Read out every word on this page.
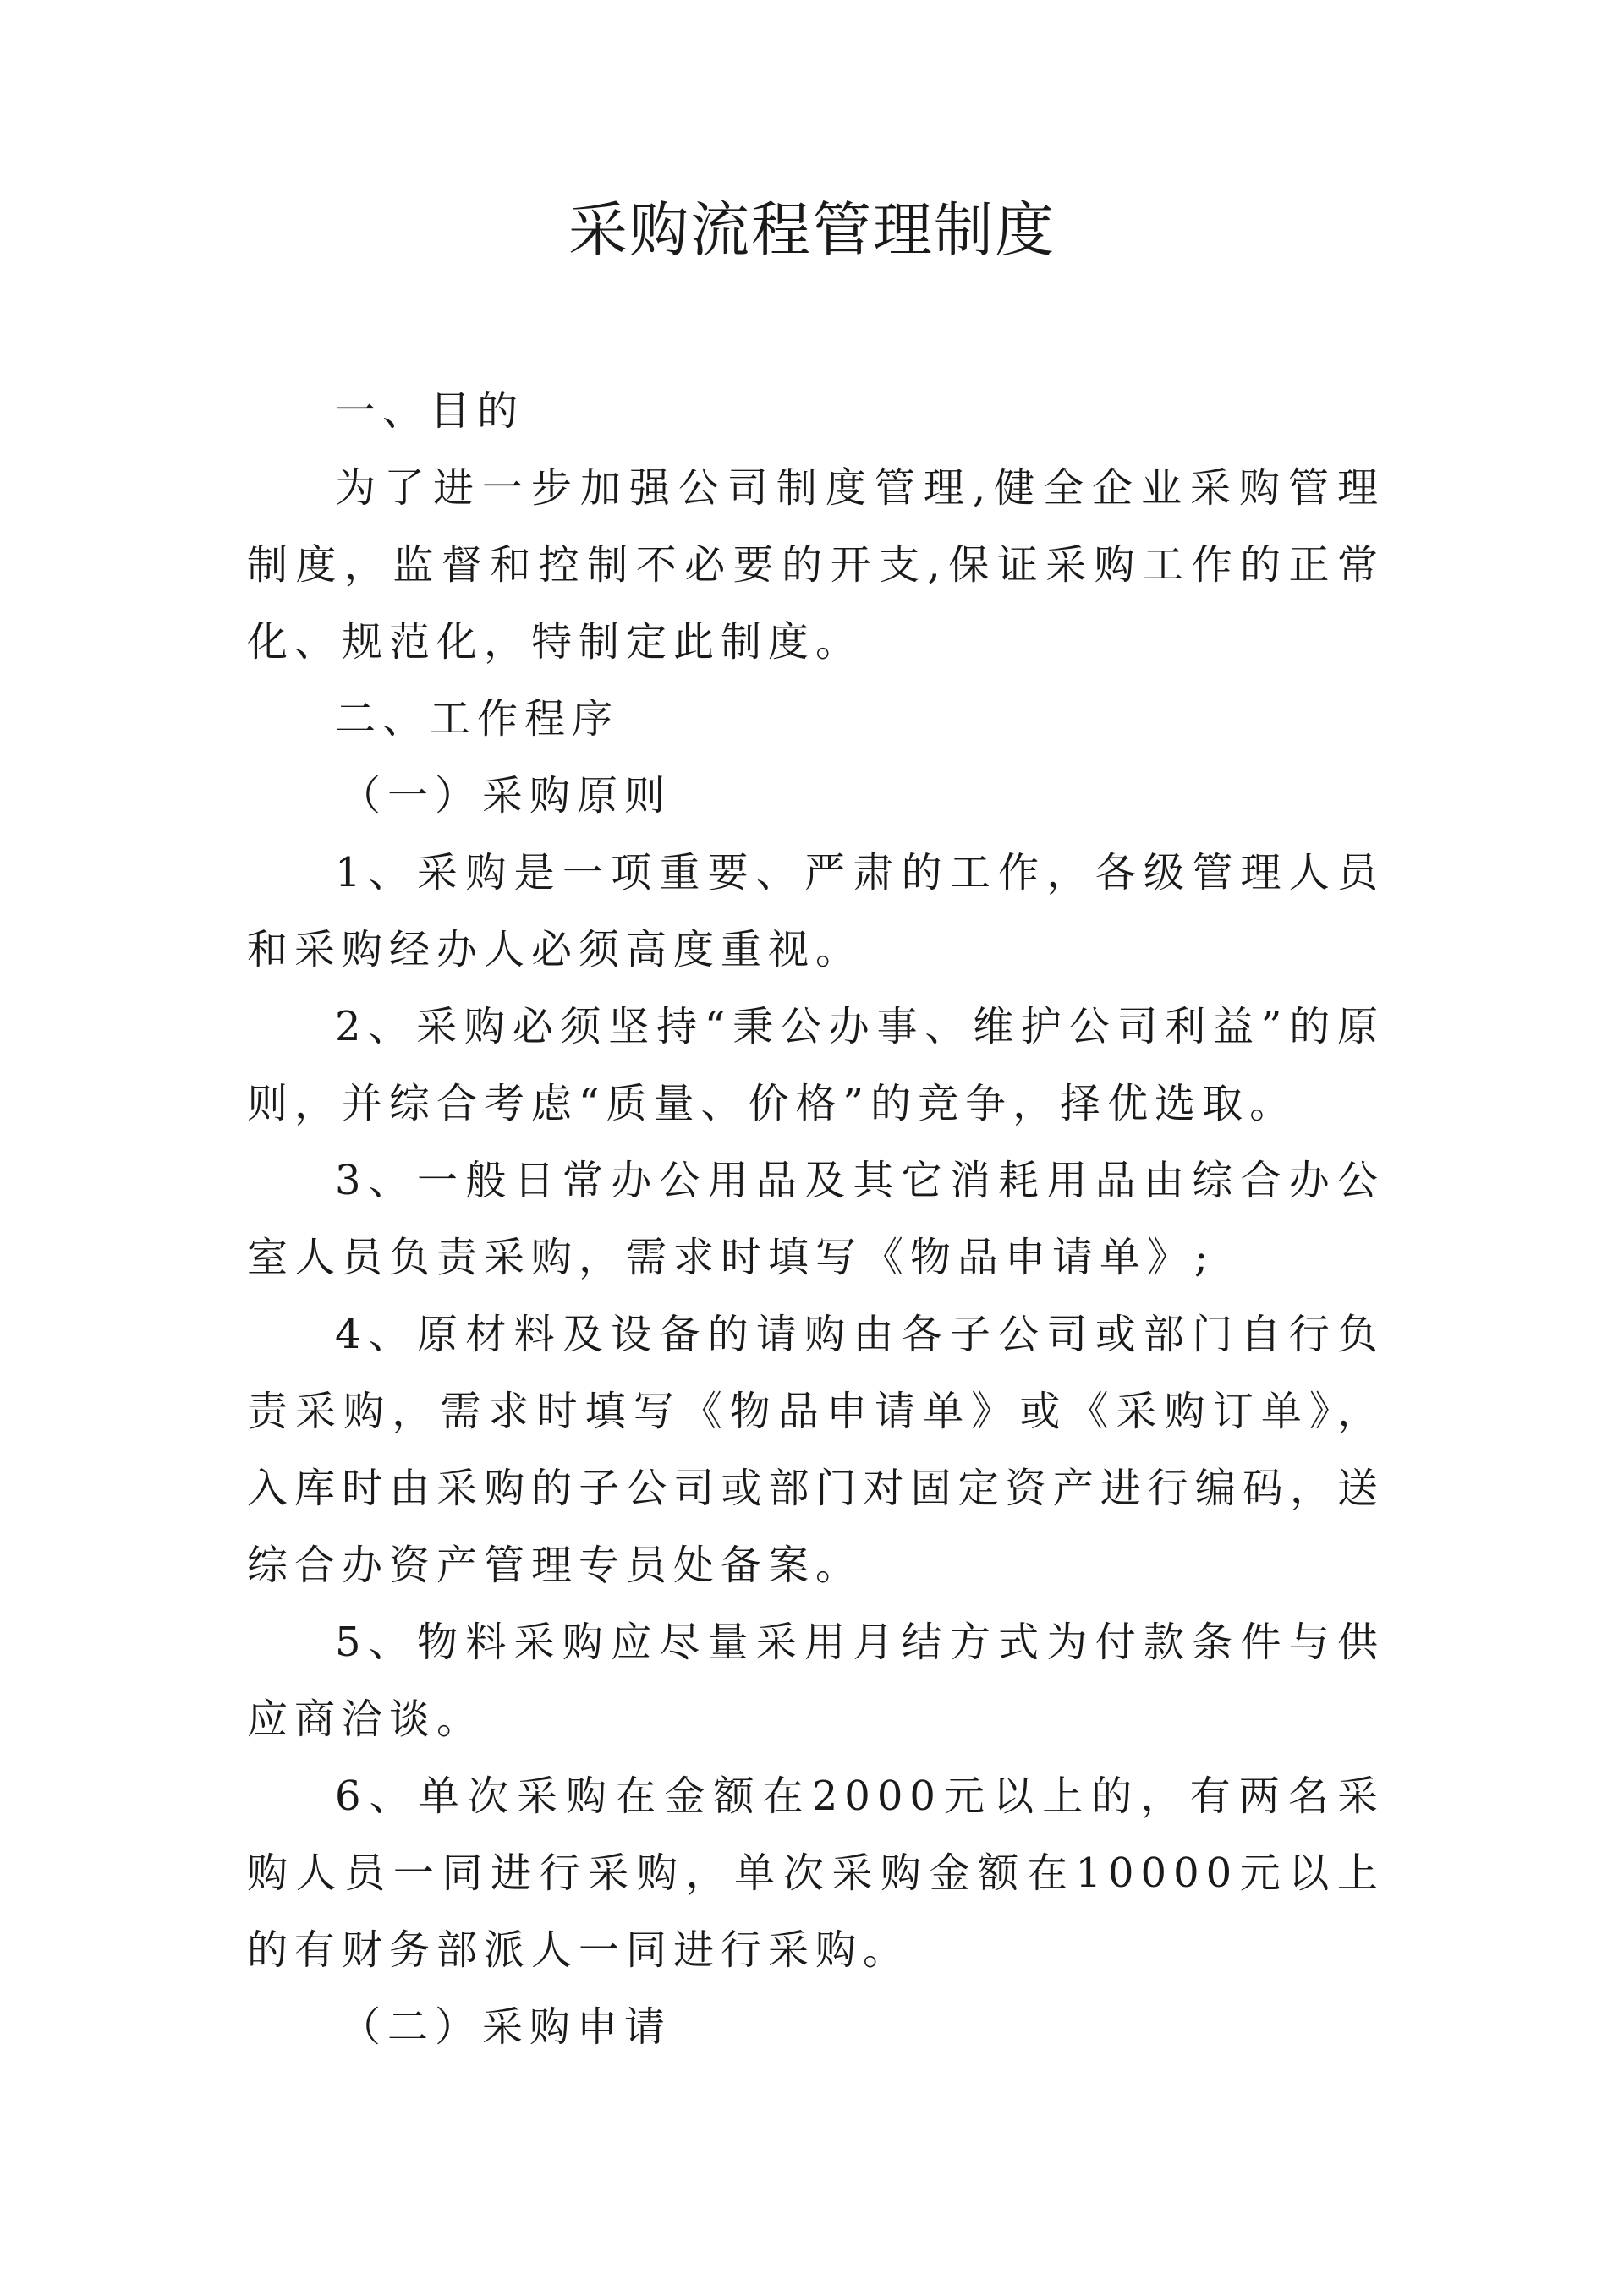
采购流程管理制度

一、目的

为了进一步加强公司制度管理,健全企业采购管理制度，监督和控制不必要的开支,保证采购工作的正常化、规范化，特制定此制度。

二、工作程序

（一）采购原则

1、采购是一项重要、严肃的工作，各级管理人员和采购经办人必须高度重视。

2、采购必须坚持“秉公办事、维护公司利益”的原则，并综合考虑“质量、价格”的竞争，择优选取。

3、一般日常办公用品及其它消耗用品由综合办公室人员负责采购，需求时填写《物品申请单》;

4、原材料及设备的请购由各子公司或部门自行负责采购，需求时填写《物品申请单》或《采购订单》，入库时由采购的子公司或部门对固定资产进行编码，送综合办资产管理专员处备案。

5、物料采购应尽量采用月结方式为付款条件与供应商洽谈。

6、单次采购在金额在2000元以上的，有两名采购人员一同进行采购，单次采购金额在10000元以上的有财务部派人一同进行采购。

（二）采购申请
